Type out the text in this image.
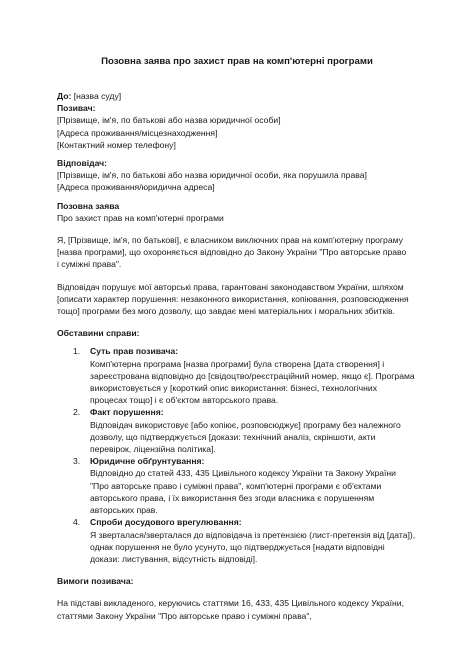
Позовна заява про захист прав на комп'ютерні програми

До: [назва суду]

Позивач:

[Прізвище, ім'я, по батькові або назва юридичної особи]

[Адреса проживання/місцезнаходження]

[Контактний номер телефону]

Відповідач:

[Прізвище, ім'я, по батькові або назва юридичної особи, яка порушила права]

[Адреса проживання/юридична адреса]

Позовна заява

Про захист прав на комп'ютерні програми

Я, [Прізвище, ім'я, по батькові], є власником виключних прав на комп'ютерну програму

[назва програми], що охороняється відповідно до Закону України "Про авторське право

і суміжні права".

Відповідач порушує мої авторські права, гарантовані законодавством України, шляхом

[описати характер порушення: незаконного використання, копіювання, розповсюдження

тощо] програми без мого дозволу, що завдає мені матеріальних і моральних збитків.

Обставини справи:

1. Суть прав позивача:

Комп'ютерна програма [назва програми] була створена [дата створення] і

зареєстрована відповідно до [свідоцтво/реєстраційний номер, якщо є]. Програма

використовується у [короткий опис використання: бізнесі, технологічних

процесах тощо] і є об'єктом авторського права.

2. Факт порушення:

Відповідач використовує [або копіює, розповсюджує] програму без належного

дозволу, що підтверджується [докази: технічний аналіз, скріншоти, акти

перевірок, ліцензійна політика].

3. Юридичне обґрунтування:

Відповідно до статей 433, 435 Цивільного кодексу України та Закону України

"Про авторське право і суміжні права", комп'ютерні програми є об'єктами

авторського права, і їх використання без згоди власника є порушенням

авторських прав.

4. Спроби досудового врегулювання:

Я зверталася/зверталася до відповідача із претензією (лист-претензія від [дата]),

однак порушення не було усунуто, що підтверджується [надати відповідні

докази: листування, відсутність відповіді].

Вимоги позивача:

На підставі викладеного, керуючись статтями 16, 433, 435 Цивільного кодексу України,

статтями Закону України "Про авторське право і суміжні права",
